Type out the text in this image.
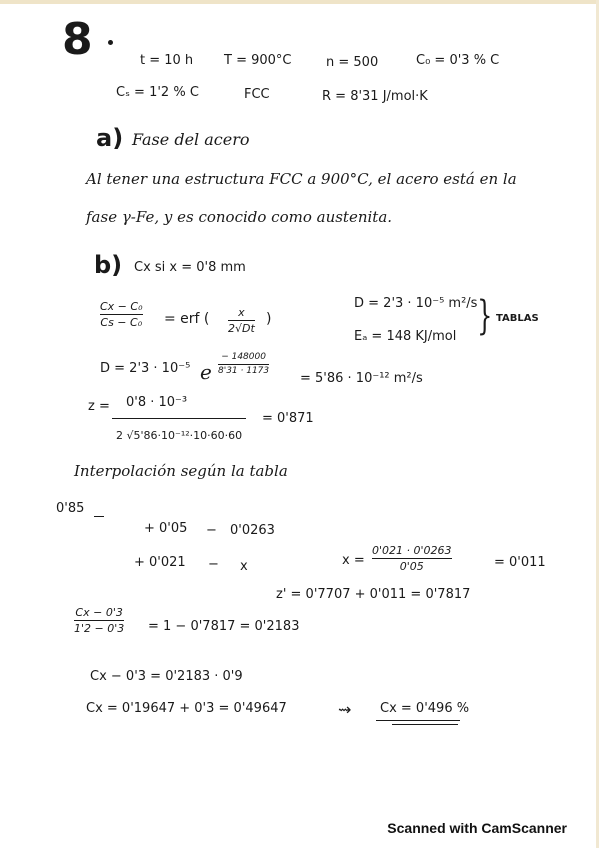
8	t = 10 h T = 900°C	n = 500	C₀ = 0'3 % C
Cₛ = 1'2 % C	FCC	R = 8'31 J/mol·K
a) Fase del acero
Al tener una estructura FCC a 900°C, el acero está en la
fase γ-Fe, y es conocido como austenita.
b) Cx si x = 0'8 mm
Cx − C₀
Cs − C₀ = erf (	x
2√Dt
)
D = 2'3 · 10⁻⁵ m²/s
Eₐ = 148 KJ/mol } TABLAS
D = 2'3 · 10⁻⁵ e
− 148000
8'31 · 1173
= 5'86 · 10⁻¹² m²/s
z = 0'8 · 10⁻³
2 √5'86·10⁻¹²·10·60·60
= 0'871
Interpolación según la tabla
0'85
+ 0'05 − 0'0263
+ 0'021 − x	x =
0'021 · 0'0263
0'05	= 0'011
z' = 0'7707 + 0'011 = 0'7817
Cx − 0'3
1'2 − 0'3 = 1 − 0'7817 = 0'2183
Cx − 0'3 = 0'2183 · 0'9
Cx = 0'19647 + 0'3 = 0'49647	⇝ Cx = 0'496 %
Scanned with CamScanner
